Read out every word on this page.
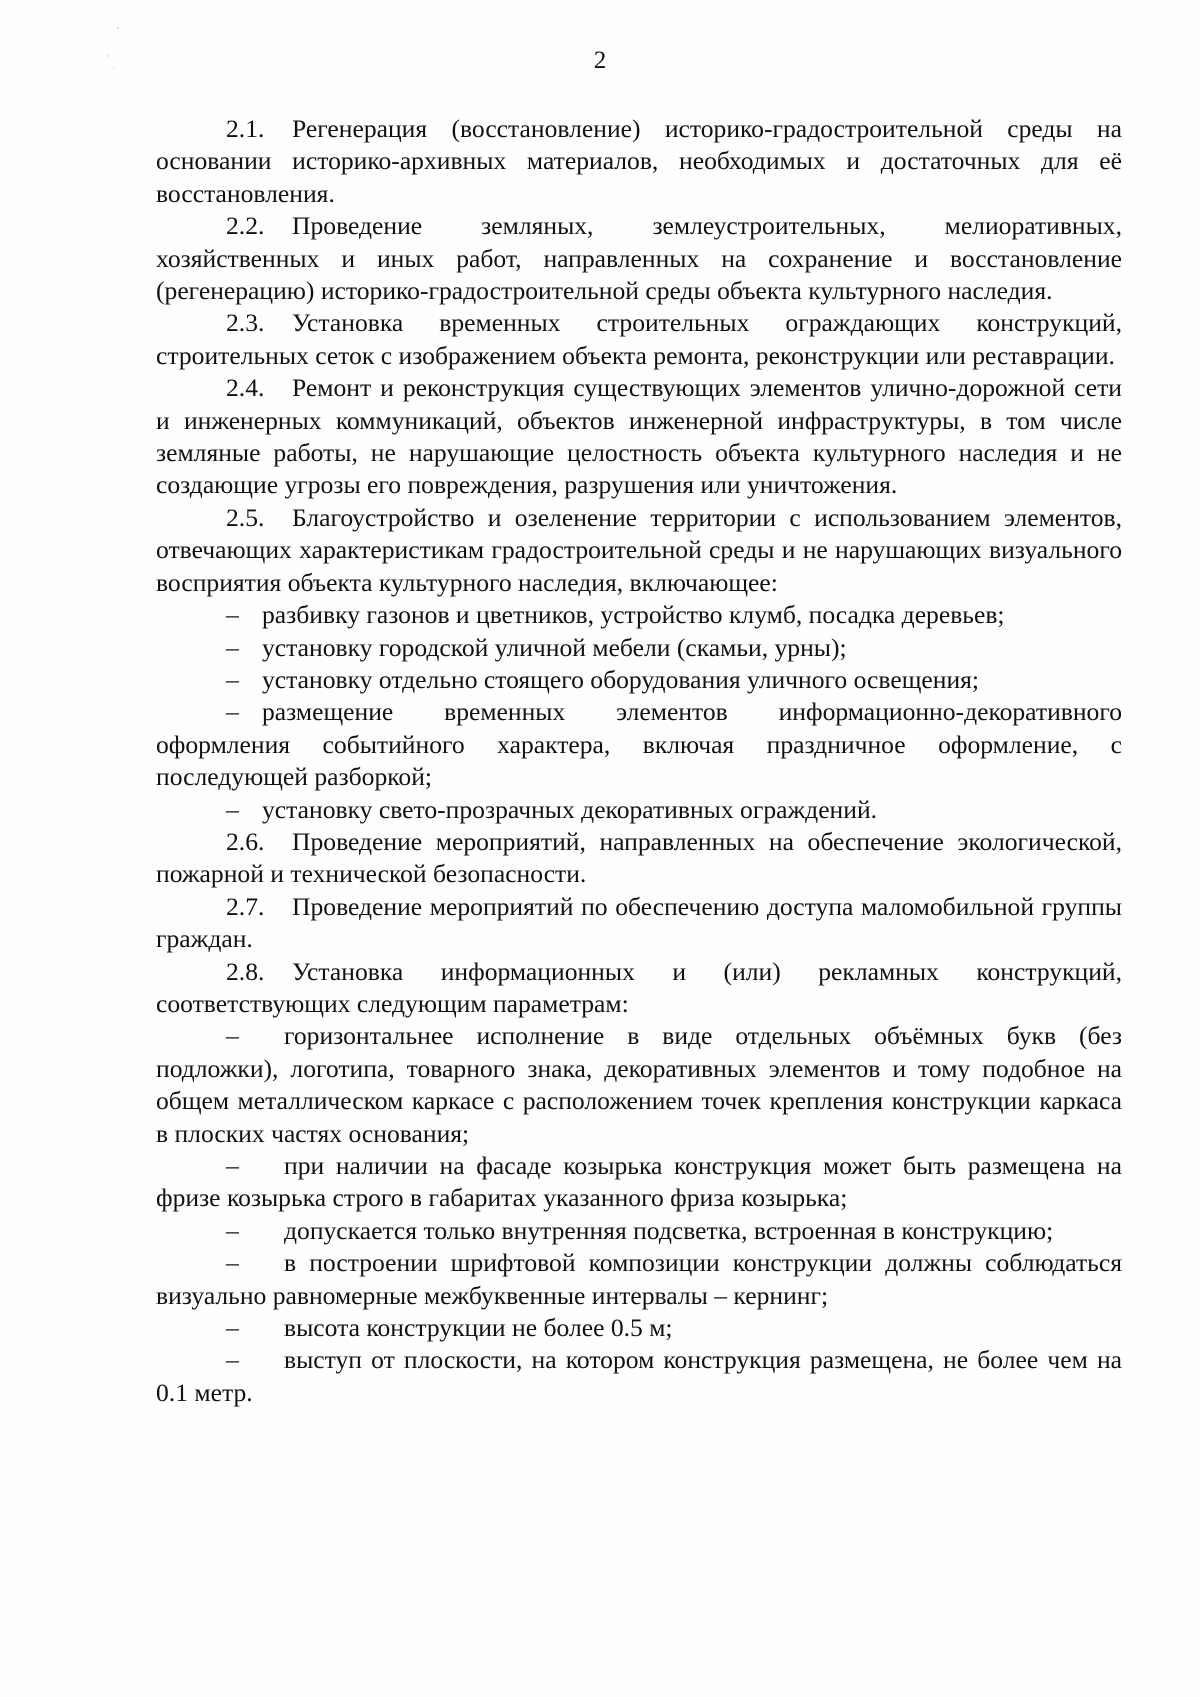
2

2.1. Регенерация (восстановление) историко-градостроительной среды на основании историко-архивных материалов, необходимых и достаточных для её восстановления.

2.2. Проведение земляных, землеустроительных, мелиоративных, хозяйственных и иных работ, направленных на сохранение и восстановление (регенерацию) историко-градостроительной среды объекта культурного наследия.

2.3. Установка временных строительных ограждающих конструкций, строительных сеток с изображением объекта ремонта, реконструкции или реставрации.

2.4. Ремонт и реконструкция существующих элементов улично-дорожной сети и инженерных коммуникаций, объектов инженерной инфраструктуры, в том числе земляные работы, не нарушающие целостность объекта культурного наследия и не создающие угрозы его повреждения, разрушения или уничтожения.

2.5. Благоустройство и озеленение территории с использованием элементов, отвечающих характеристикам градостроительной среды и не нарушающих визуального восприятия объекта культурного наследия, включающее:

– разбивку газонов и цветников, устройство клумб, посадка деревьев;

– установку городской уличной мебели (скамьи, урны);

– установку отдельно стоящего оборудования уличного освещения;

– размещение временных элементов информационно-декоративного оформления событийного характера, включая праздничное оформление, с последующей разборкой;

– установку свето-прозрачных декоративных ограждений.

2.6. Проведение мероприятий, направленных на обеспечение экологической, пожарной и технической безопасности.

2.7. Проведение мероприятий по обеспечению доступа маломобильной группы граждан.

2.8. Установка информационных и (или) рекламных конструкций, соответствующих следующим параметрам:

– горизонтальнее исполнение в виде отдельных объёмных букв (без подложки), логотипа, товарного знака, декоративных элементов и тому подобное на общем металлическом каркасе с расположением точек крепления конструкции каркаса в плоских частях основания;

– при наличии на фасаде козырька конструкция может быть размещена на фризе козырька строго в габаритах указанного фриза козырька;

– допускается только внутренняя подсветка, встроенная в конструкцию;

– в построении шрифтовой композиции конструкции должны соблюдаться визуально равномерные межбуквенные интервалы – кернинг;

– высота конструкции не более 0.5 м;

– выступ от плоскости, на котором конструкция размещена, не более чем на 0.1 метр.
